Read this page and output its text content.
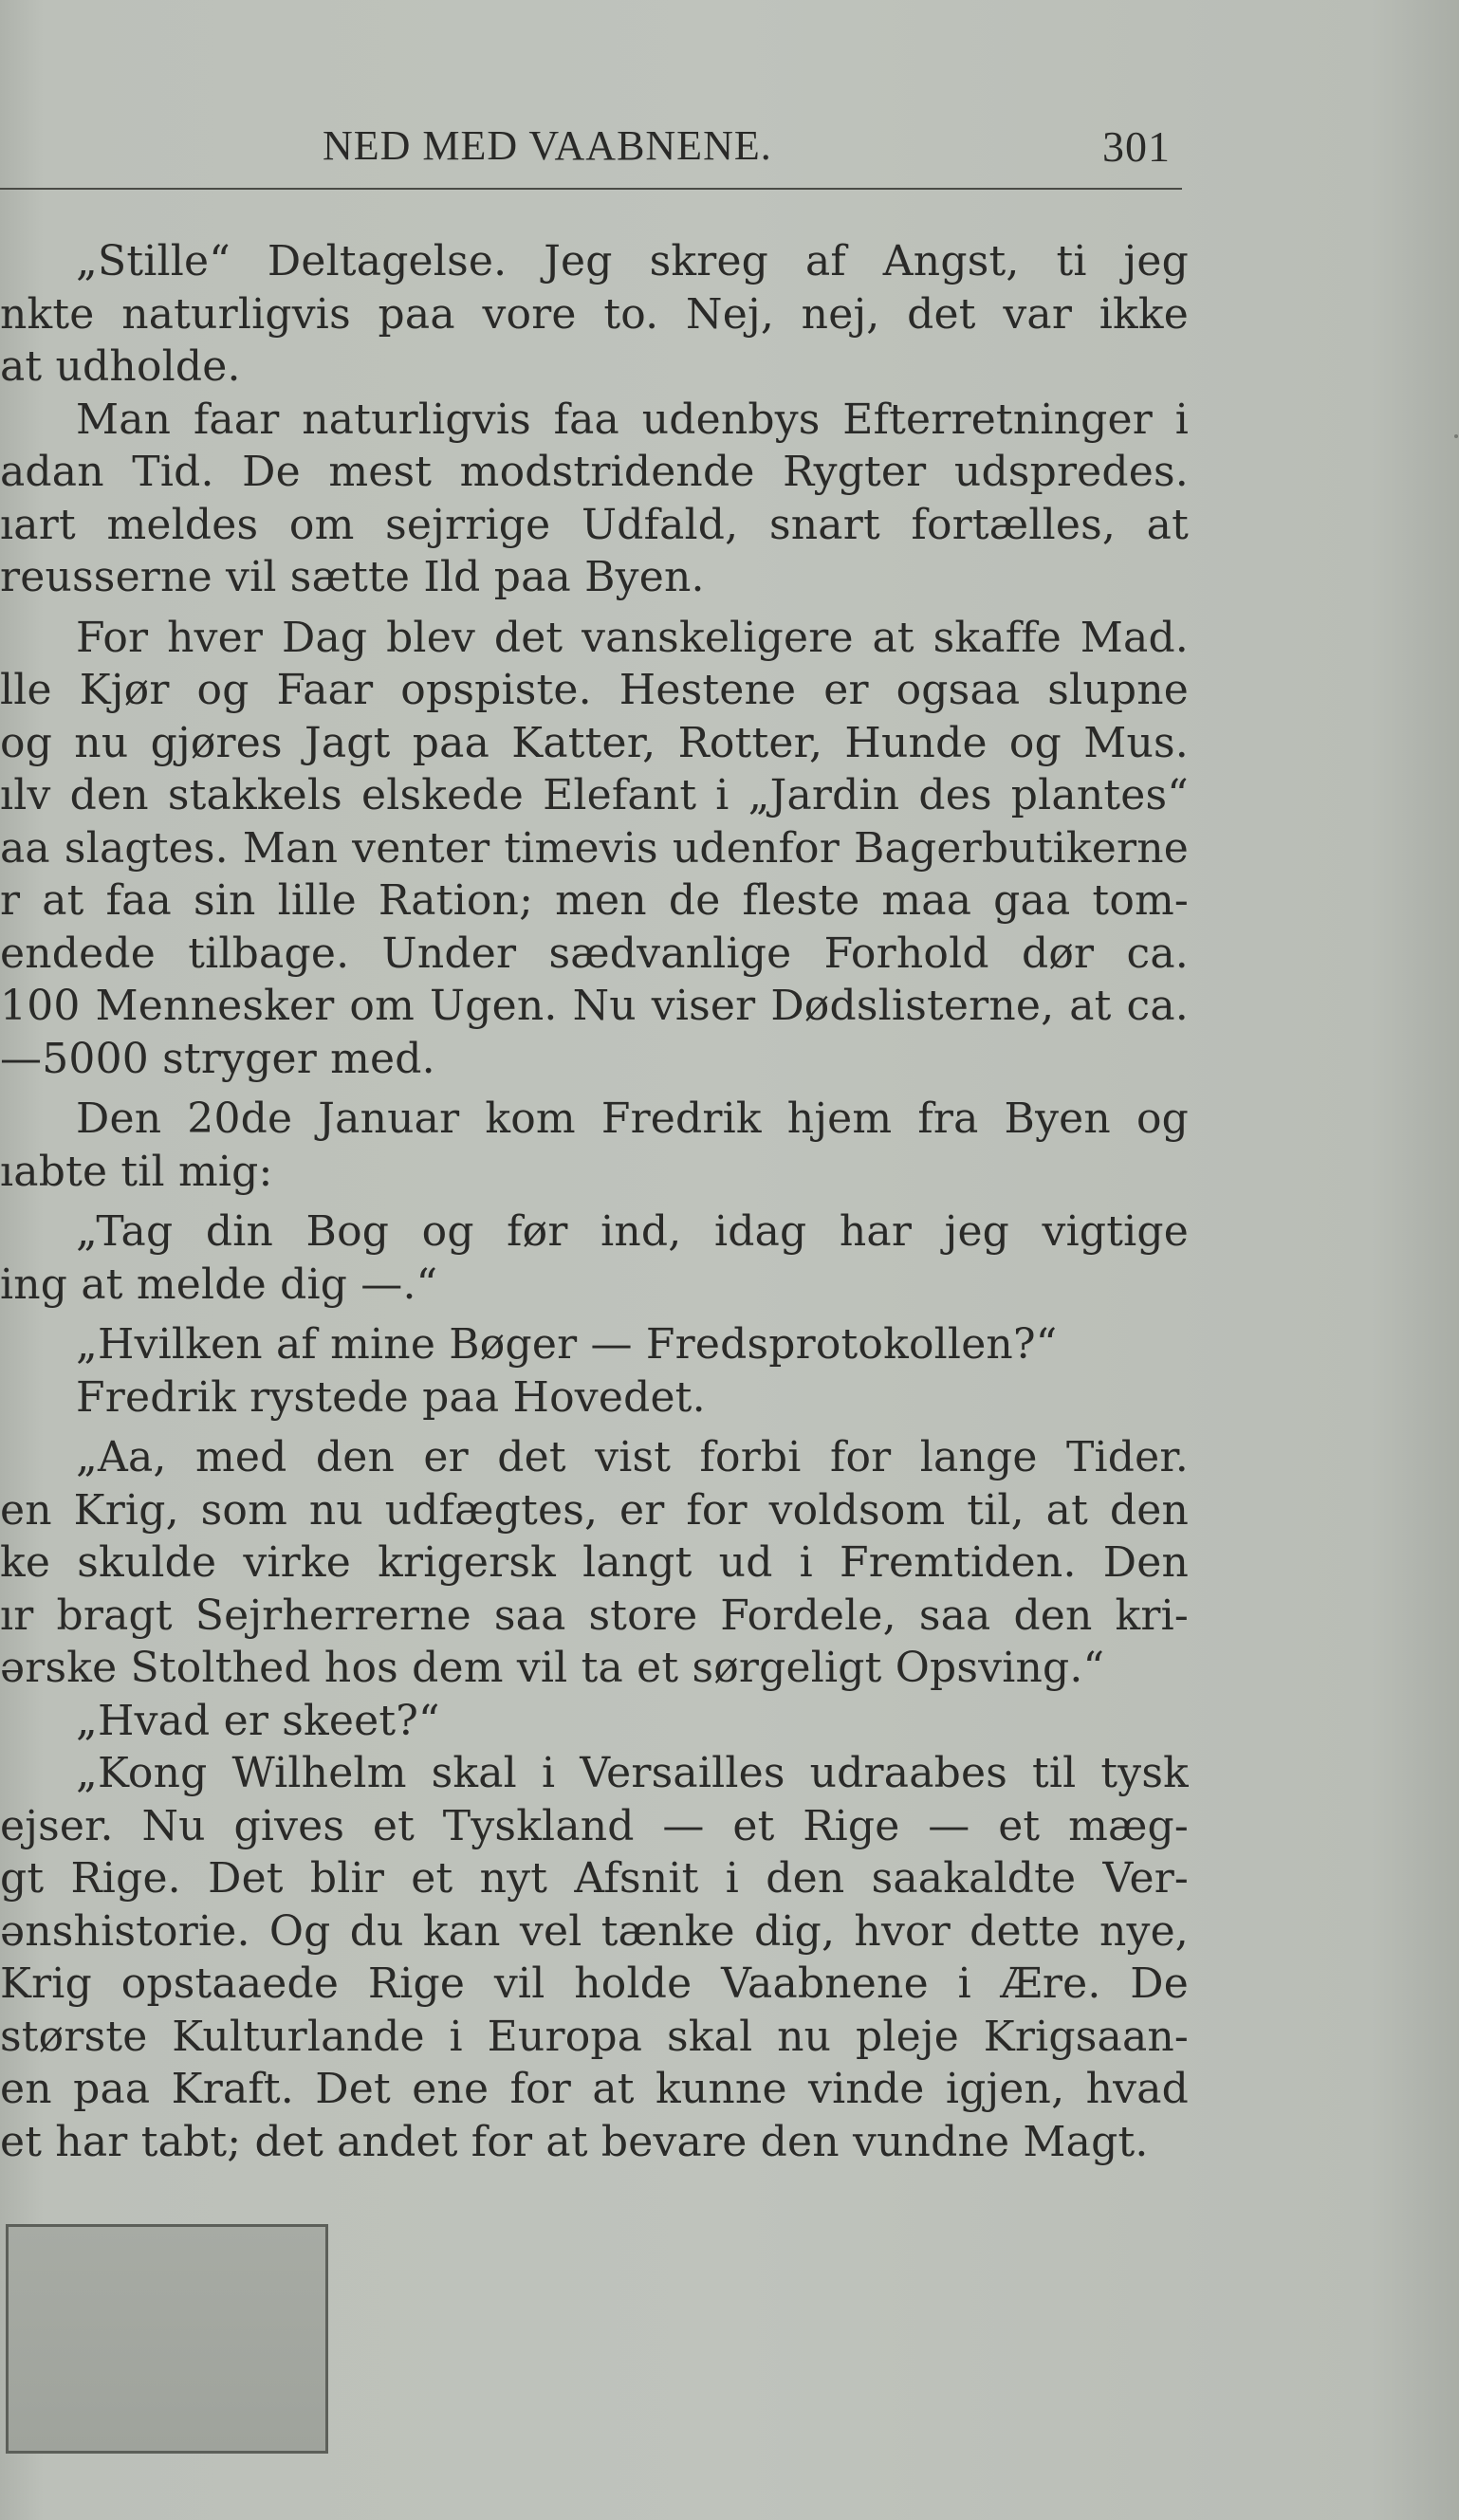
NED MED VAABNENE.	301
„Stille“ Deltagelse. Jeg skreg af Angst, ti jeg
nkte naturligvis paa vore to. Nej, nej, det var ikke
at udholde.
Man faar naturligvis faa udenbys Efterretninger i
adan Tid. De mest modstridende Rygter udspredes.
ıart meldes om sejrrige Udfald, snart fortælles, at
reusserne vil sætte Ild paa Byen.
For hver Dag blev det vanskeligere at skaffe Mad.
lle Kjør og Faar opspiste. Hestene er ogsaa slupne
og nu gjøres Jagt paa Katter, Rotter, Hunde og Mus.
ılv den stakkels elskede Elefant i „Jardin des plantes“
aa slagtes. Man venter timevis udenfor Bagerbutikerne
r at faa sin lille Ration; men de fleste maa gaa tom-
endede tilbage. Under sædvanlige Forhold dør ca.
100 Mennesker om Ugen. Nu viser Dødslisterne, at ca.
—5000 stryger med.
Den 20de Januar kom Fredrik hjem fra Byen og
ıabte til mig:
„Tag din Bog og før ind, idag har jeg vigtige
ing at melde dig —.“
„Hvilken af mine Bøger — Fredsprotokollen?“
Fredrik rystede paa Hovedet.
„Aa, med den er det vist forbi for lange Tider.
en Krig, som nu udfægtes, er for voldsom til, at den
ke skulde virke krigersk langt ud i Fremtiden. Den
ır bragt Sejrherrerne saa store Fordele, saa den kri-
ərske Stolthed hos dem vil ta et sørgeligt Opsving.“
„Hvad er skeet?“
„Kong Wilhelm skal i Versailles udraabes til tysk
ejser. Nu gives et Tyskland — et Rige — et mæg-
gt Rige. Det blir et nyt Afsnit i den saakaldte Ver-
ənshistorie. Og du kan vel tænke dig, hvor dette nye,
Krig opstaaede Rige vil holde Vaabnene i Ære. De
største Kulturlande i Europa skal nu pleje Krigsaan-
en paa Kraft. Det ene for at kunne vinde igjen, hvad
et har tabt; det andet for at bevare den vundne Magt.
